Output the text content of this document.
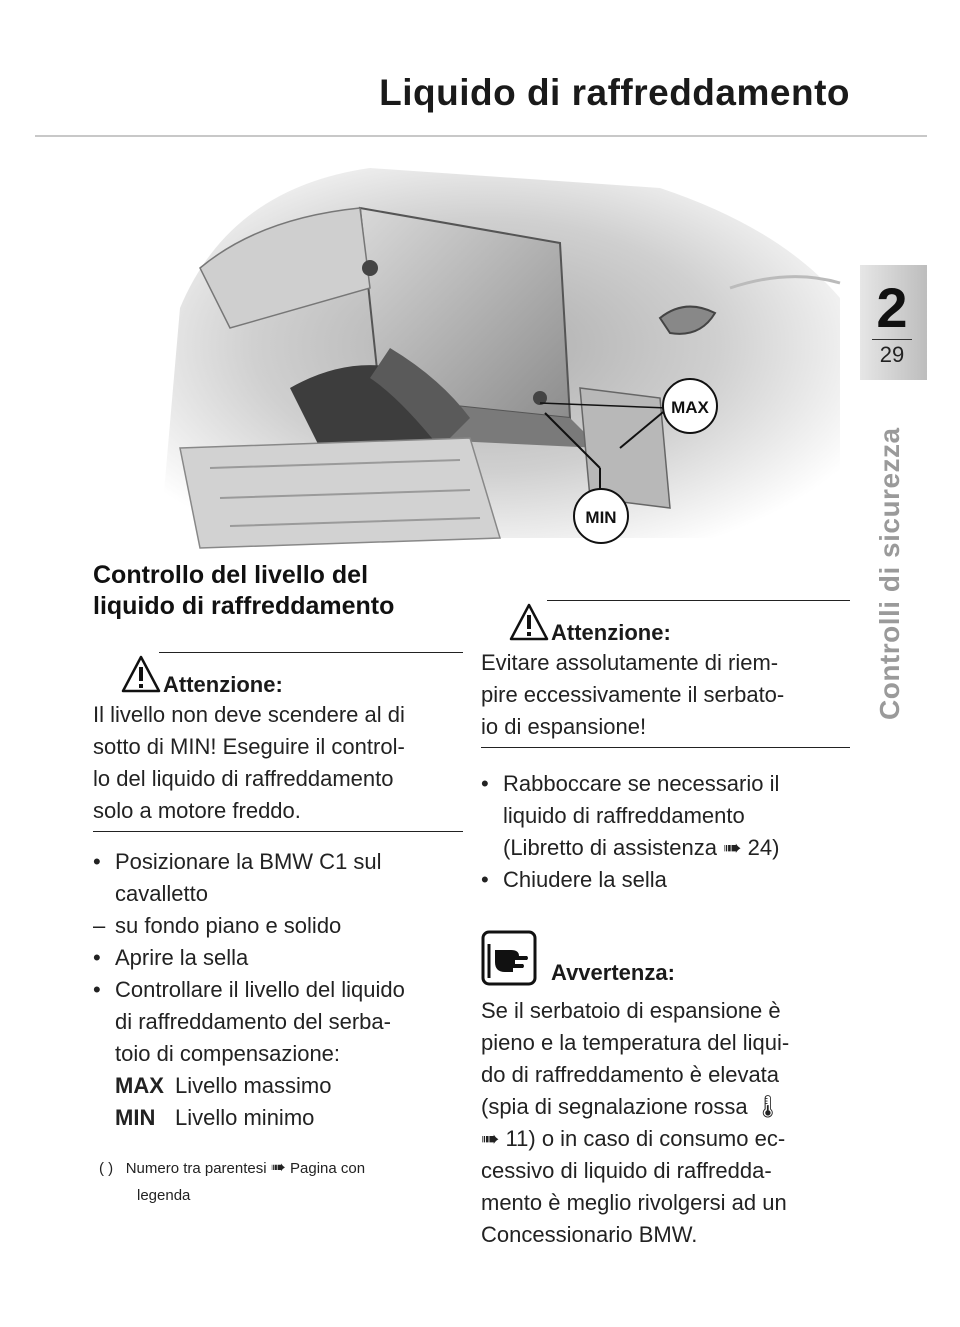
Liquido di raffreddamento
2
29
Controlli di sicurezza
MAX
MIN
Controllo del livello del
liquido di raffreddamento
Attenzione:
Il livello non deve scendere al di
sotto di MIN! Eseguire il control-
lo del liquido di raffreddamento
solo a motore freddo.
• Posizionare la BMW C1 sul
cavalletto
– su fondo piano e solido
• Aprire la sella
• Controllare il livello del liquido
di raffreddamento del serba-
toio di compensazione:
MAX Livello massimo
MIN Livello minimo
( ) Numero tra parentesi ➠ Pagina con
legenda
Attenzione:
Evitare assolutamente di riem-
pire eccessivamente il serbato-
io di espansione!
• Rabboccare se necessario il
liquido di raffreddamento
(Libretto di assistenza ➠ 24)
• Chiudere la sella
Avvertenza:
Se il serbatoio di espansione è
pieno e la temperatura del liqui-
do di raffreddamento è elevata
(spia di segnalazione rossa 🌡
➠ 11) o in caso di consumo ec-
cessivo di liquido di raffredda-
mento è meglio rivolgersi ad un
Concessionario BMW.
